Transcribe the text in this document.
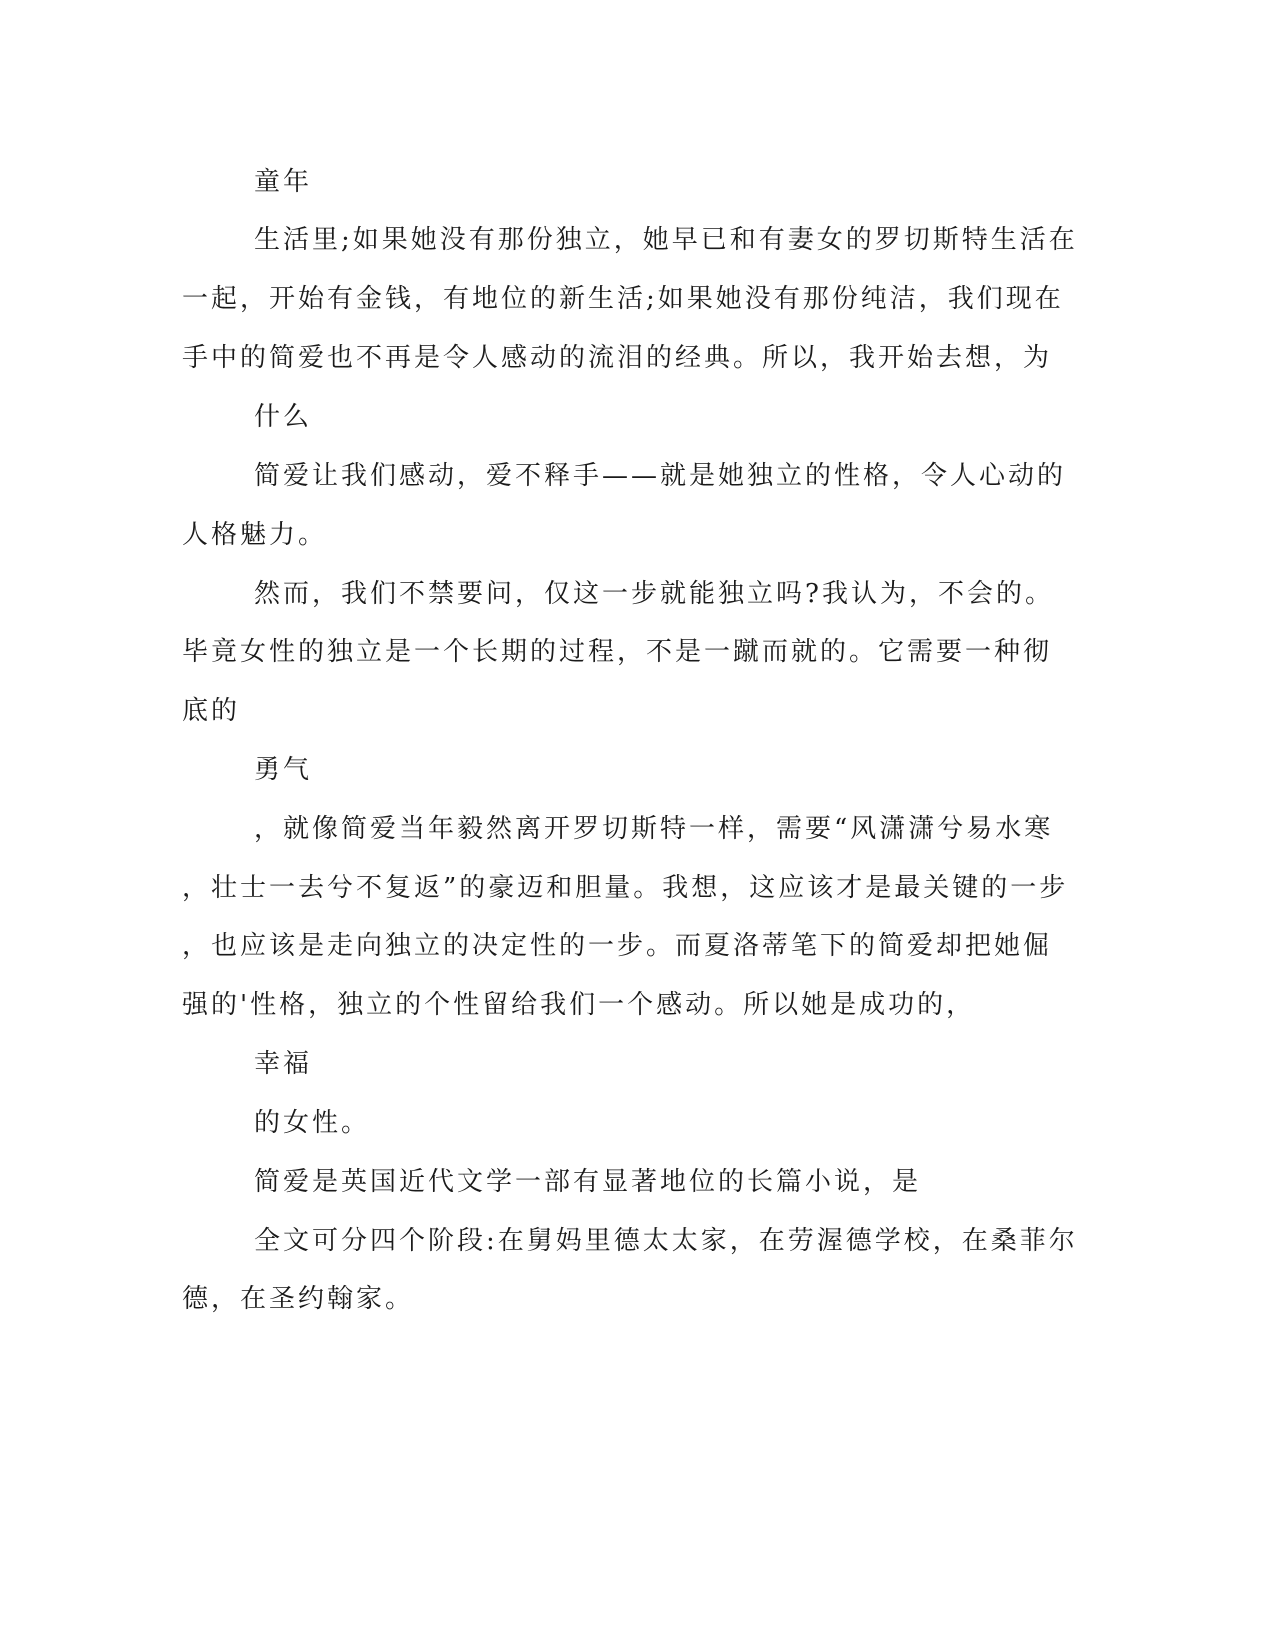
童年
生活里;如果她没有那份独立，她早已和有妻女的罗切斯特生活在
一起，开始有金钱，有地位的新生活;如果她没有那份纯洁，我们现在
手中的简爱也不再是令人感动的流泪的经典。所以，我开始去想，为
什么
简爱让我们感动，爱不释手——就是她独立的性格，令人心动的
人格魅力。
然而，我们不禁要问，仅这一步就能独立吗?我认为，不会的。
毕竟女性的独立是一个长期的过程，不是一蹴而就的。它需要一种彻
底的
勇气
，就像简爱当年毅然离开罗切斯特一样，需要“风潇潇兮易水寒
，壮士一去兮不复返”的豪迈和胆量。我想，这应该才是最关键的一步
，也应该是走向独立的决定性的一步。而夏洛蒂笔下的简爱却把她倔
强的'性格，独立的个性留给我们一个感动。所以她是成功的，
幸福
的女性。
简爱是英国近代文学一部有显著地位的长篇小说，是
全文可分四个阶段:在舅妈里德太太家，在劳渥德学校，在桑菲尔
德，在圣约翰家。
